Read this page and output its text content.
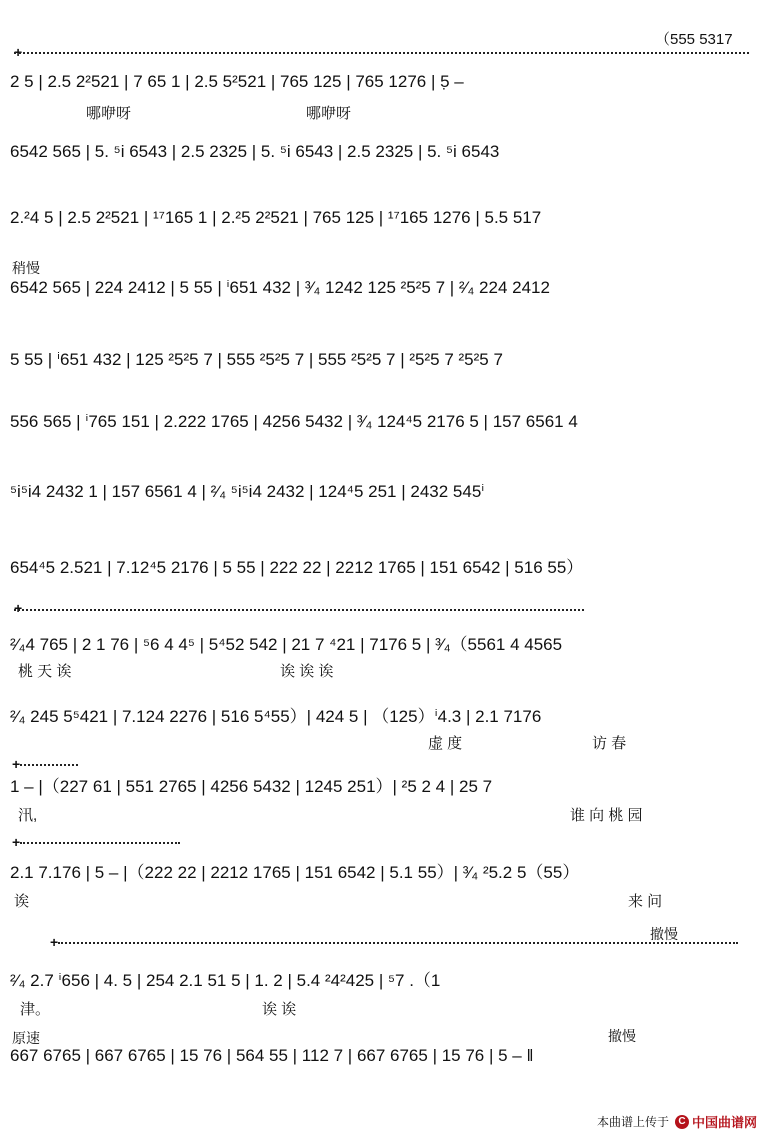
（555 5317
+
2 5 | 2.5 2²521 | 7 65 1 | 2.5 5²521 | 765 125 | 765 1276 | 5̣ –
哪咿呀	哪咿呀
6542 565 | 5. ⁵i 6543 | 2.5 2325 | 5. ⁵i 6543 | 2.5 2325 | 5. ⁵i 6543
2.²4 5 | 2.5 2²521 | ¹⁷165 1 | 2.²5 2²521 | 765 125 | ¹⁷165 1276 | 5.5 517
稍慢
6542 565 | 224 2412 | 5 55 | ⁱ651 432 | ³⁄₄ 1242 125 ²5²5 7 | ²⁄₄ 224 2412
5 55 | ⁱ651 432 | 125 ²5²5 7 | 555 ²5²5 7 | 555 ²5²5 7 | ²5²5 7 ²5²5 7
556 565 | ⁱ765 151 | 2.222 1765 | 4256 5432 | ³⁄₄ 124⁴5 2176 5 | 157 6561 4
⁵i⁵i4 2432 1 | 157 6561 4 | ²⁄₄ ⁵i⁵i4 2432 | 124⁴5 251 | 2432 545ⁱ
654⁴5 2.521 | 7.12⁴5 2176 | 5 55 | 222 22 | 2212 1765 | 151 6542 | 516 55）
+
²⁄₄4 765 | 2 1 76 | ⁵6 4 4⁵ | 5⁴52 542 | 21 7 ⁴21 | 7176 5 | ³⁄₄（5561 4 4565
桃 天 诶	诶 诶 诶
²⁄₄ 245 5⁵421 | 7.124 2276 | 516 5⁴55）| 424 5 | （125）ⁱ4.3 | 2.1 7176
虚 度	访 春
+
1 – |（227 61 | 551 2765 | 4256 5432 | 1245 251）| ²5 2 4 | 25 7
汛,	谁 向 桃 园
+
2.1 7.176 | 5 – |（222 22 | 2212 1765 | 151 6542 | 5.1 55）| ³⁄₄ ²5.2 5（55）
诶	来 问
撤慢
+
²⁄₄ 2.7 ⁱ656 | 4. 5 | 254 2.1 51 5 | 1. 2 | 5.4 ²4²425 | ⁵7 .（1
津。	诶 诶
原速	撤慢
667 6765 | 667 6765 | 15 76 | 564 55 | 112 7 | 667 6765 | 15 76 | 5 – ‖
本曲谱上传于 C 中国曲谱网
